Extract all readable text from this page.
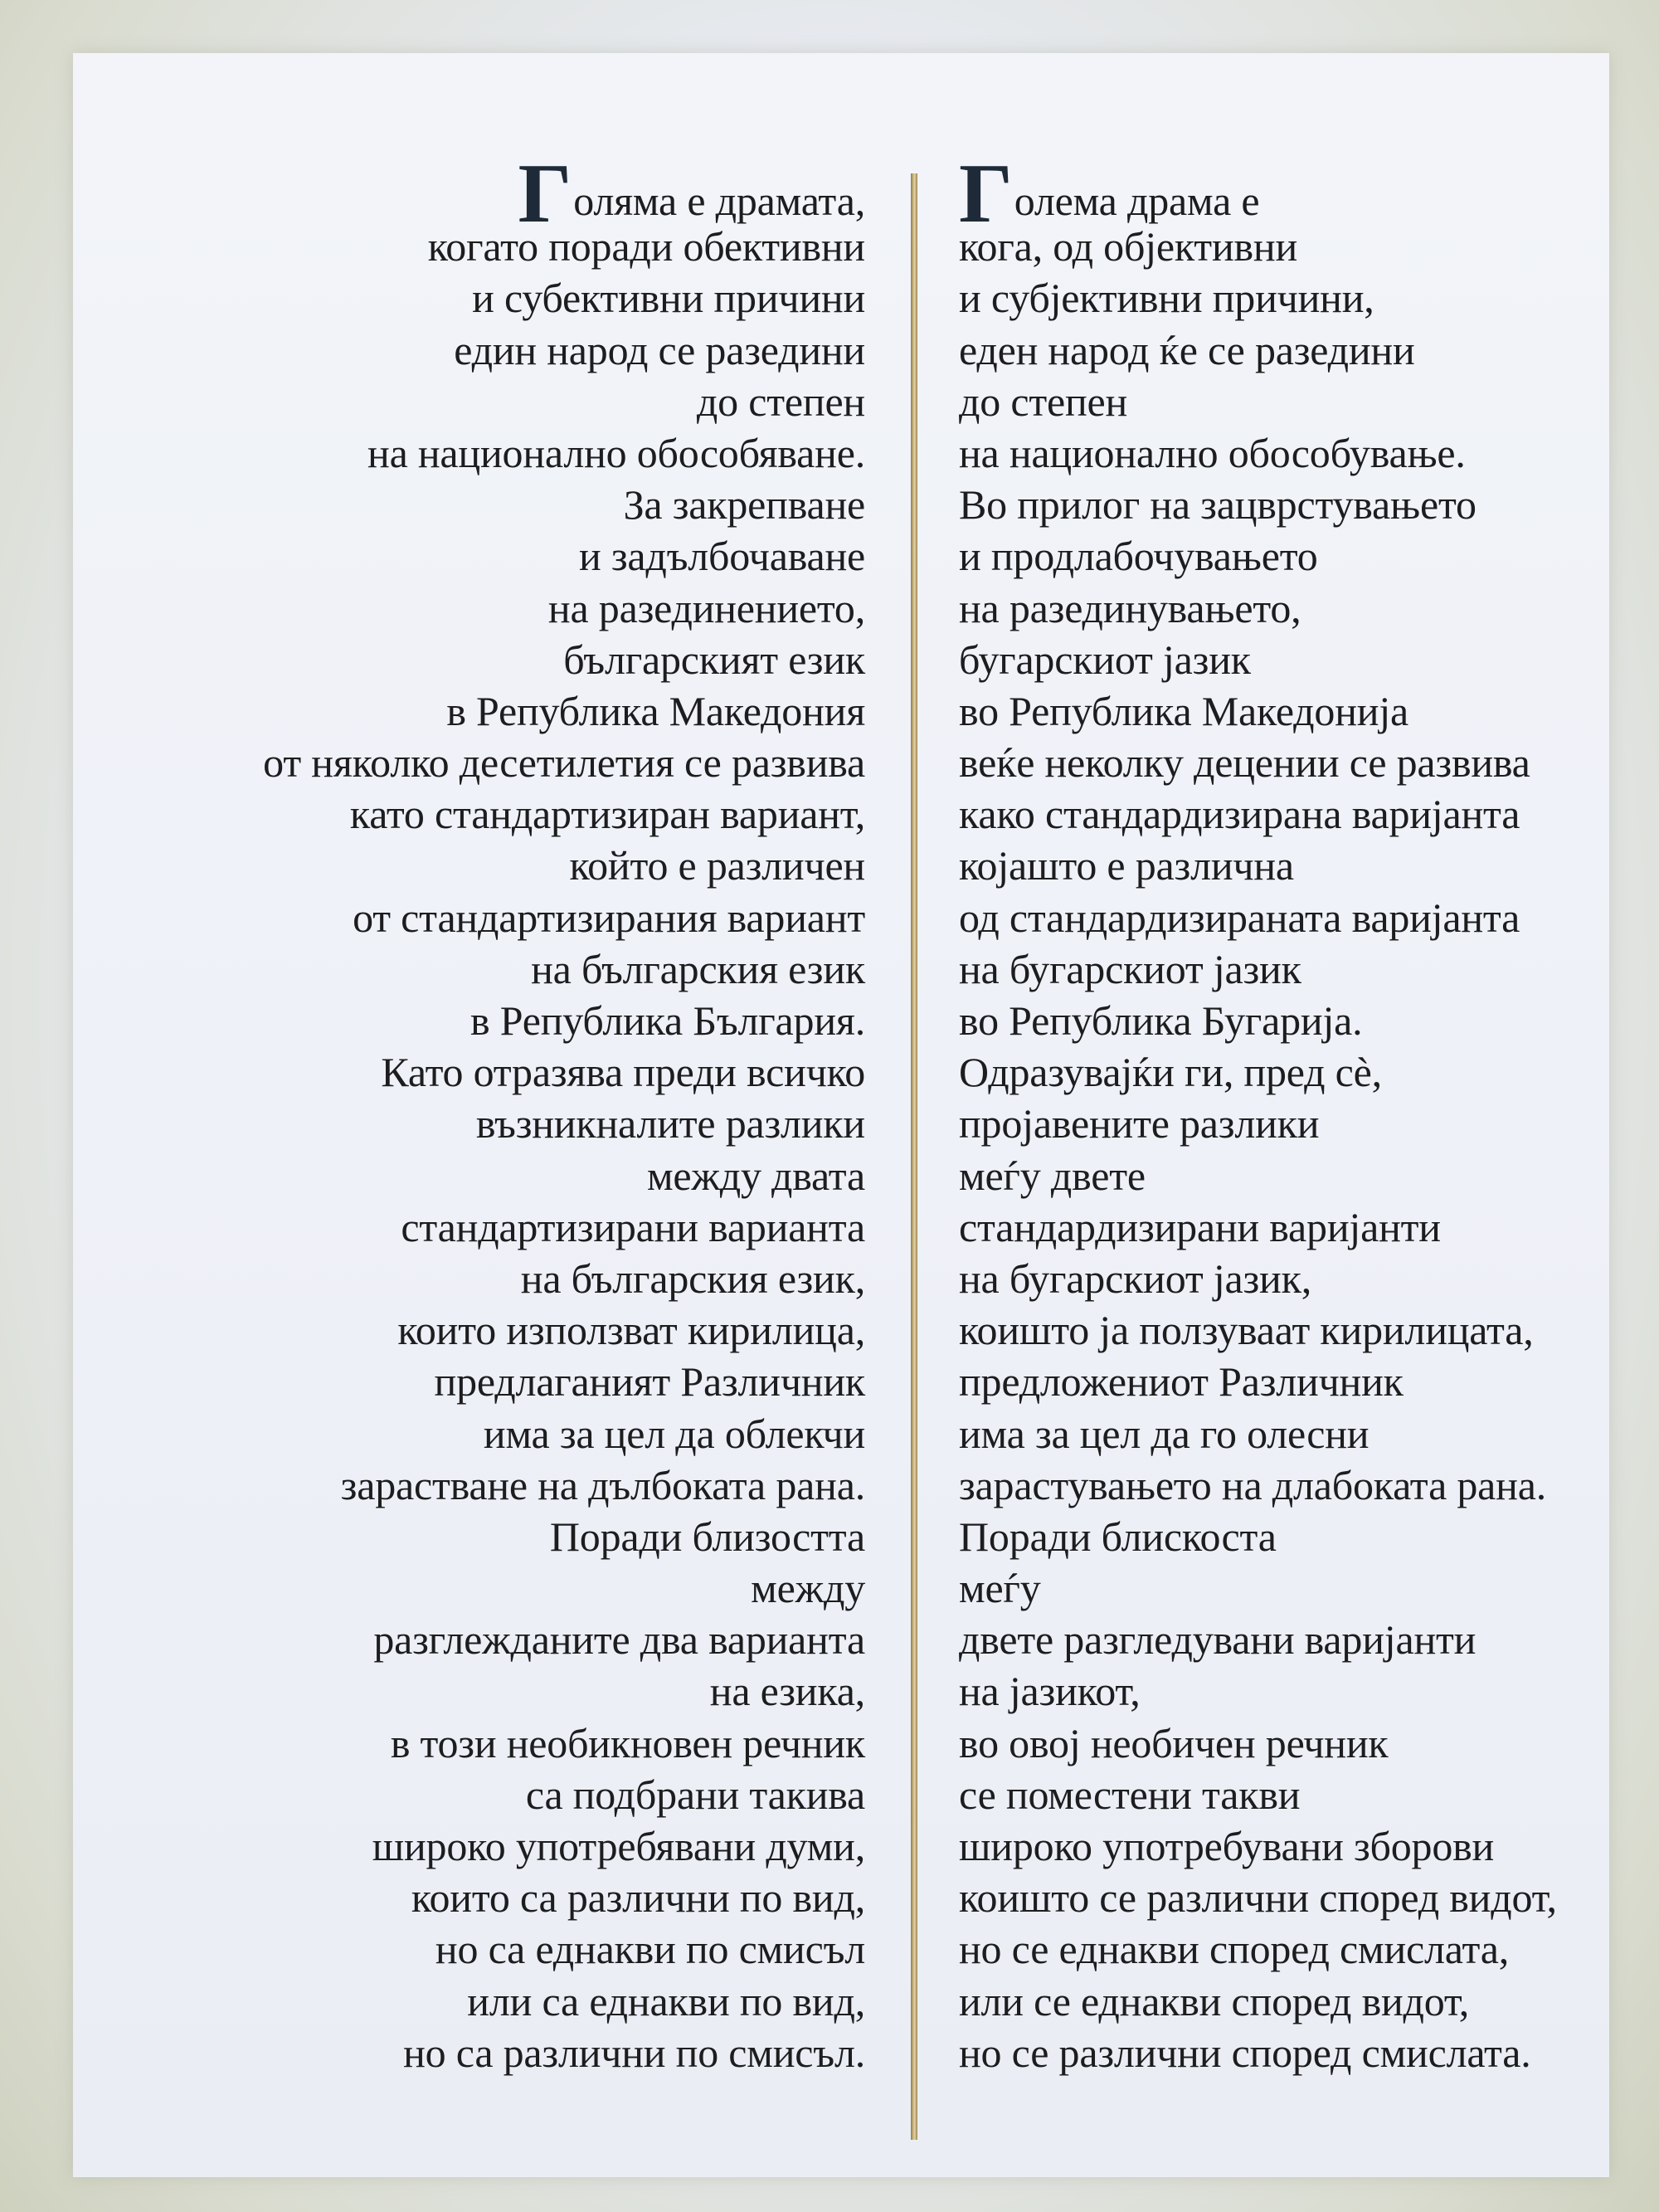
Голяма е драмата,
когато поради обективни
и субективни причини
един народ се разедини
до степен
на национално обособяване.
За закрепване
и задълбочаване
на разединението,
българският език
в Република Македония
от няколко десетилетия се развива
като стандартизиран вариант,
който е различен
от стандартизирания вариант
на българския език
в Република България.
Като отразява преди всичко
възникналите разлики
между двата
стандартизирани варианта
на българския език,
които използват кирилица,
предлаганият Различник
има за цел да облекчи
зарастване на дълбоката рана.
Поради близостта
между
разглежданите два варианта
на езика,
в този необикновен речник
са подбрани такива
широко употребявани думи,
които са различни по вид,
но са еднакви по смисъл
или са еднакви по вид,
но са различни по смисъл.
Голема драма е
кога, од објективни
и субјективни причини,
еден народ ќе се разедини
до степен
на национално обособување.
Во прилог на зацврстувањето
и продлабочувањето
на разединувањето,
бугарскиот јазик
во Република Македонија
веќе неколку децении се развива
како стандардизирана варијанта
којашто е различна
од стандардизираната варијанта
на бугарскиот јазик
во Република Бугарија.
Одразувајќи ги, пред сè,
пројавените разлики
меѓу двете
стандардизирани варијанти
на бугарскиот јазик,
коишто ја ползуваат кирилицата,
предложениот Различник
има за цел да го олесни
зарастувањето на длабоката рана.
Поради блискоста
меѓу
двете разгледувани варијанти
на јазикот,
во овој необичен речник
се поместени такви
широко употребувани зборови
коишто се различни според видот,
но се еднакви според смислата,
или се еднакви според видот,
но се различни според смислата.
